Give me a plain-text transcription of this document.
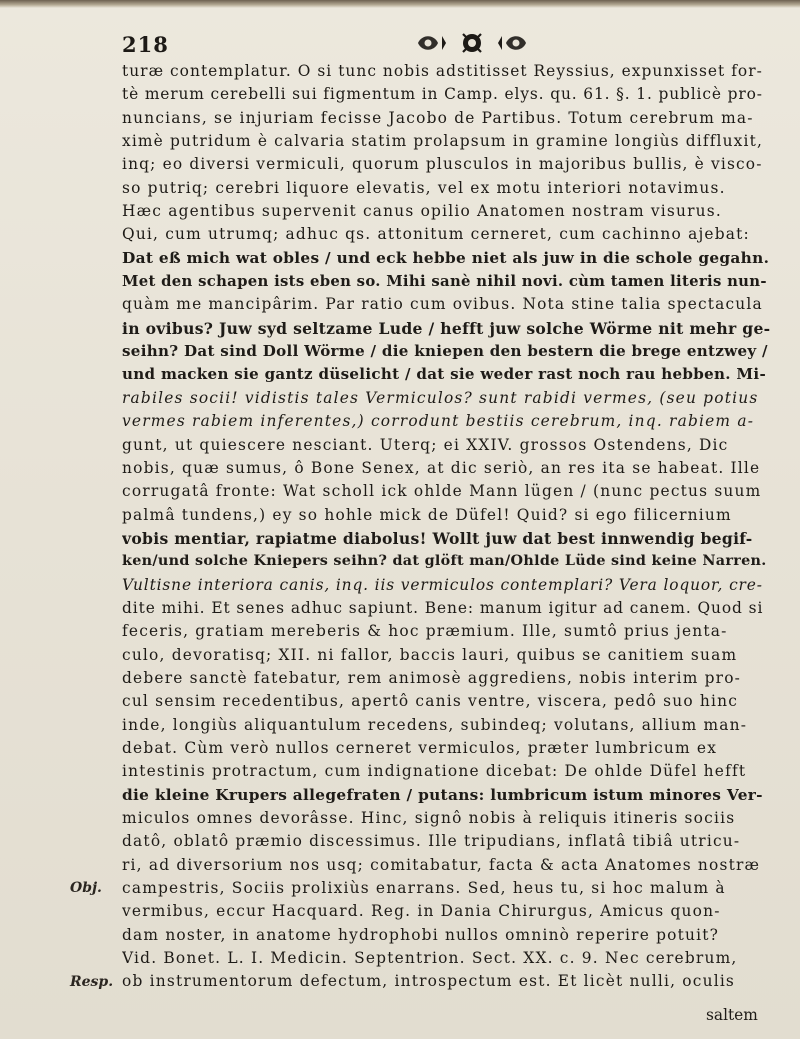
218
turæ contemplatur. O si tunc nobis adstitisset Reyssius, expunxisset for-
tè merum cerebelli sui figmentum in Camp. elys. qu. 61. §. 1. publicè pro-
nuncians, se injuriam fecisse Jacobo de Partibus. Totum cerebrum ma-
ximè putridum è calvaria statim prolapsum in gramine longiùs diffluxit,
inq; eo diversi vermiculi, quorum plusculos in majoribus bullis, è visco-
so putriq; cerebri liquore elevatis, vel ex motu interiori notavimus.
Hæc agentibus supervenit canus opilio Anatomen nostram visurus.
Qui, cum utrumq; adhuc qs. attonitum cerneret, cum cachinno ajebat:
Dat eß mich wat obles / und eck hebbe niet als juw in die schole gegahn.
Met den schapen ists eben so. Mihi sanè nihil novi. cùm tamen literis nun-
quàm me mancipârim. Par ratio cum ovibus. Nota stine talia spectacula
in ovibus? Juw syd seltzame Lude / hefft juw solche Wörme nit mehr ge-
seihn? Dat sind Doll Wörme / die kniepen den bestern die brege entzwey /
und macken sie gantz düselicht / dat sie weder rast noch rau hebben. Mi-
rabiles socii! vidistis tales Vermiculos? sunt rabidi vermes, (seu potius
vermes rabiem inferentes,) corrodunt bestiis cerebrum, inq. rabiem a-
gunt, ut quiescere nesciant. Uterq; ei XXIV. grossos Ostendens, Dic
nobis, quæ sumus, ô Bone Senex, at dic seriò, an res ita se habeat. Ille
corrugatâ fronte: Wat scholl ick ohlde Mann lügen / (nunc pectus suum
palmâ tundens,) ey so hohle mick de Düfel! Quid? si ego filicernium
vobis mentiar, rapiatme diabolus! Wollt juw dat best innwendig begif-
ken/und solche Kniepers seihn? dat glöft man/Ohlde Lüde sind keine Narren.
Vultisne interiora canis, inq. iis vermiculos contemplari? Vera loquor, cre-
dite mihi. Et senes adhuc sapiunt. Bene: manum igitur ad canem. Quod si
feceris, gratiam mereberis & hoc præmium. Ille, sumtô prius jenta-
culo, devoratisq; XII. ni fallor, baccis lauri, quibus se canitiem suam
debere sanctè fatebatur, rem animosè aggrediens, nobis interim pro-
cul sensim recedentibus, apertô canis ventre, viscera, pedô suo hinc
inde, longiùs aliquantulum recedens, subindeq; volutans, allium man-
debat. Cùm verò nullos cerneret vermiculos, præter lumbricum ex
intestinis protractum, cum indignatione dicebat: De ohlde Düfel hefft
die kleine Krupers allegefraten / putans: lumbricum istum minores Ver-
miculos omnes devorâsse. Hinc, signô nobis à reliquis itineris sociis
datô, oblatô præmio discessimus. Ille tripudians, inflatâ tibiâ utricu-
ri, ad diversorium nos usq; comitabatur, facta & acta Anatomes nostræ
campestris, Sociis prolixiùs enarrans. Sed, heus tu, si hoc malum à
vermibus, eccur Hacquard. Reg. in Dania Chirurgus, Amicus quon-
dam noster, in anatome hydrophobi nullos omninò reperire potuit?
Vid. Bonet. L. I. Medicin. Septentrion. Sect. XX. c. 9. Nec cerebrum,
ob instrumentorum defectum, introspectum est. Et licèt nulli, oculis
Obj.
Resp.
saltem
